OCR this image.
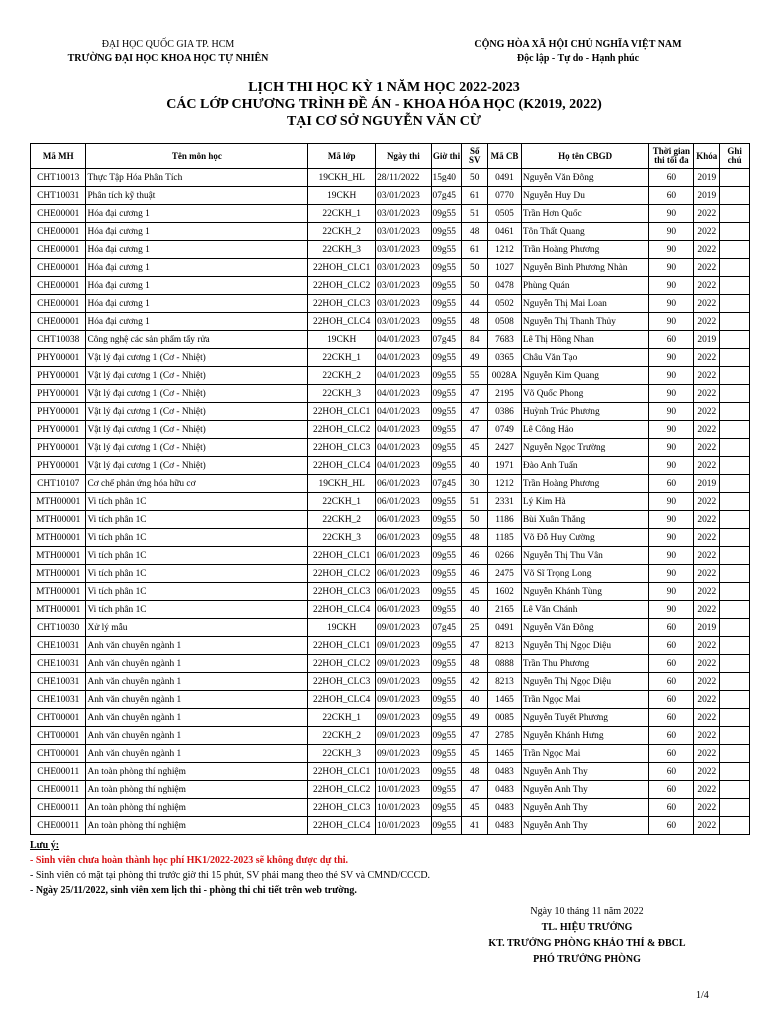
ĐẠI HỌC QUỐC GIA TP. HCM
TRƯỜNG ĐẠI HỌC KHOA HỌC TỰ NHIÊN
CỘNG HÒA XÃ HỘI CHỦ NGHĨA VIỆT NAM
Độc lập - Tự do - Hạnh phúc
LỊCH THI HỌC KỲ 1 NĂM HỌC 2022-2023
CÁC LỚP CHƯƠNG TRÌNH ĐỀ ÁN - KHOA HÓA HỌC (K2019, 2022)
TẠI CƠ SỞ NGUYỄN VĂN CỪ
Mã MH	Tên môn học	Mã lớp	Ngày thi	Giờ thi	Số SV	Mã CB	Họ tên CBGD	Thời gian thi tối đa	Khóa	Ghi chú
CHT10013	Thực Tập Hóa Phân Tích	19CKH_HL	28/11/2022	15g40	50	0491	Nguyễn Văn Đông	60	2019	
CHT10031	Phân tích kỹ thuật	19CKH	03/01/2023	07g45	61	0770	Nguyễn Huy Du	60	2019	
CHE00001	Hóa đại cương 1	22CKH_1	03/01/2023	09g55	51	0505	Trần Hơn Quốc	90	2022	
CHE00001	Hóa đại cương 1	22CKH_2	03/01/2023	09g55	48	0461	Tôn Thất Quang	90	2022	
CHE00001	Hóa đại cương 1	22CKH_3	03/01/2023	09g55	61	1212	Trần Hoàng Phương	90	2022	
CHE00001	Hóa đại cương 1	22HOH_CLC1	03/01/2023	09g55	50	1027	Nguyễn Bình Phương Nhàn	90	2022	
CHE00001	Hóa đại cương 1	22HOH_CLC2	03/01/2023	09g55	50	0478	Phùng Quán	90	2022	
CHE00001	Hóa đại cương 1	22HOH_CLC3	03/01/2023	09g55	44	0502	Nguyễn Thị Mai Loan	90	2022	
CHE00001	Hóa đại cương 1	22HOH_CLC4	03/01/2023	09g55	48	0508	Nguyễn Thị Thanh Thủy	90	2022	
CHT10038	Công nghệ các sản phẩm tẩy rửa	19CKH	04/01/2023	07g45	84	7683	Lê Thị Hồng Nhan	60	2019	
PHY00001	Vật lý đại cương 1 (Cơ - Nhiệt)	22CKH_1	04/01/2023	09g55	49	0365	Châu Văn Tạo	90	2022	
PHY00001	Vật lý đại cương 1 (Cơ - Nhiệt)	22CKH_2	04/01/2023	09g55	55	0028A	Nguyễn Kim Quang	90	2022	
PHY00001	Vật lý đại cương 1 (Cơ - Nhiệt)	22CKH_3	04/01/2023	09g55	47	2195	Võ Quốc Phong	90	2022	
PHY00001	Vật lý đại cương 1 (Cơ - Nhiệt)	22HOH_CLC1	04/01/2023	09g55	47	0386	Huỳnh Trúc Phương	90	2022	
PHY00001	Vật lý đại cương 1 (Cơ - Nhiệt)	22HOH_CLC2	04/01/2023	09g55	47	0749	Lê Công Hảo	90	2022	
PHY00001	Vật lý đại cương 1 (Cơ - Nhiệt)	22HOH_CLC3	04/01/2023	09g55	45	2427	Nguyễn Ngọc Trường	90	2022	
PHY00001	Vật lý đại cương 1 (Cơ - Nhiệt)	22HOH_CLC4	04/01/2023	09g55	40	1971	Đào Anh Tuấn	90	2022	
CHT10107	Cơ chế phản ứng hóa hữu cơ	19CKH_HL	06/01/2023	07g45	30	1212	Trần Hoàng Phương	60	2019	
MTH00001	Vi tích phân 1C	22CKH_1	06/01/2023	09g55	51	2331	Lý Kim Hà	90	2022	
MTH00001	Vi tích phân 1C	22CKH_2	06/01/2023	09g55	50	1186	Bùi Xuân Thắng	90	2022	
MTH00001	Vi tích phân 1C	22CKH_3	06/01/2023	09g55	48	1185	Võ Đỗ Huy Cường	90	2022	
MTH00001	Vi tích phân 1C	22HOH_CLC1	06/01/2023	09g55	46	0266	Nguyễn Thị Thu Vân	90	2022	
MTH00001	Vi tích phân 1C	22HOH_CLC2	06/01/2023	09g55	46	2475	Võ Sĩ Trọng Long	90	2022	
MTH00001	Vi tích phân 1C	22HOH_CLC3	06/01/2023	09g55	45	1602	Nguyễn Khánh Tùng	90	2022	
MTH00001	Vi tích phân 1C	22HOH_CLC4	06/01/2023	09g55	40	2165	Lê Văn Chánh	90	2022	
CHT10030	Xử lý mẫu	19CKH	09/01/2023	07g45	25	0491	Nguyễn Văn Đông	60	2019	
CHE10031	Anh văn chuyên ngành 1	22HOH_CLC1	09/01/2023	09g55	47	8213	Nguyễn Thị Ngọc Diệu	60	2022	
CHE10031	Anh văn chuyên ngành 1	22HOH_CLC2	09/01/2023	09g55	48	0888	Trần Thu Phương	60	2022	
CHE10031	Anh văn chuyên ngành 1	22HOH_CLC3	09/01/2023	09g55	42	8213	Nguyễn Thị Ngọc Diệu	60	2022	
CHE10031	Anh văn chuyên ngành 1	22HOH_CLC4	09/01/2023	09g55	40	1465	Trần Ngọc Mai	60	2022	
CHT00001	Anh văn chuyên ngành 1	22CKH_1	09/01/2023	09g55	49	0085	Nguyễn Tuyết Phương	60	2022	
CHT00001	Anh văn chuyên ngành 1	22CKH_2	09/01/2023	09g55	47	2785	Nguyễn Khánh Hưng	60	2022	
CHT00001	Anh văn chuyên ngành 1	22CKH_3	09/01/2023	09g55	45	1465	Trần Ngọc Mai	60	2022	
CHE00011	An toàn phòng thí nghiệm	22HOH_CLC1	10/01/2023	09g55	48	0483	Nguyễn Anh Thy	60	2022	
CHE00011	An toàn phòng thí nghiệm	22HOH_CLC2	10/01/2023	09g55	47	0483	Nguyễn Anh Thy	60	2022	
CHE00011	An toàn phòng thí nghiệm	22HOH_CLC3	10/01/2023	09g55	45	0483	Nguyễn Anh Thy	60	2022	
CHE00011	An toàn phòng thí nghiệm	22HOH_CLC4	10/01/2023	09g55	41	0483	Nguyễn Anh Thy	60	2022	
Lưu ý:
- Sinh viên chưa hoàn thành học phí HK1/2022-2023 sẽ không được dự thi.
- Sinh viên có mặt tại phòng thi trước giờ thi 15 phút, SV phải mang theo thẻ SV và CMND/CCCD.
- Ngày 25/11/2022, sinh viên xem lịch thi - phòng thi chi tiết trên web trường.
Ngày 10 tháng 11 năm 2022
TL. HIỆU TRƯỞNG
KT. TRƯỞNG PHÒNG KHẢO THÍ & ĐBCL
PHÓ TRƯỞNG PHÒNG
1/4
